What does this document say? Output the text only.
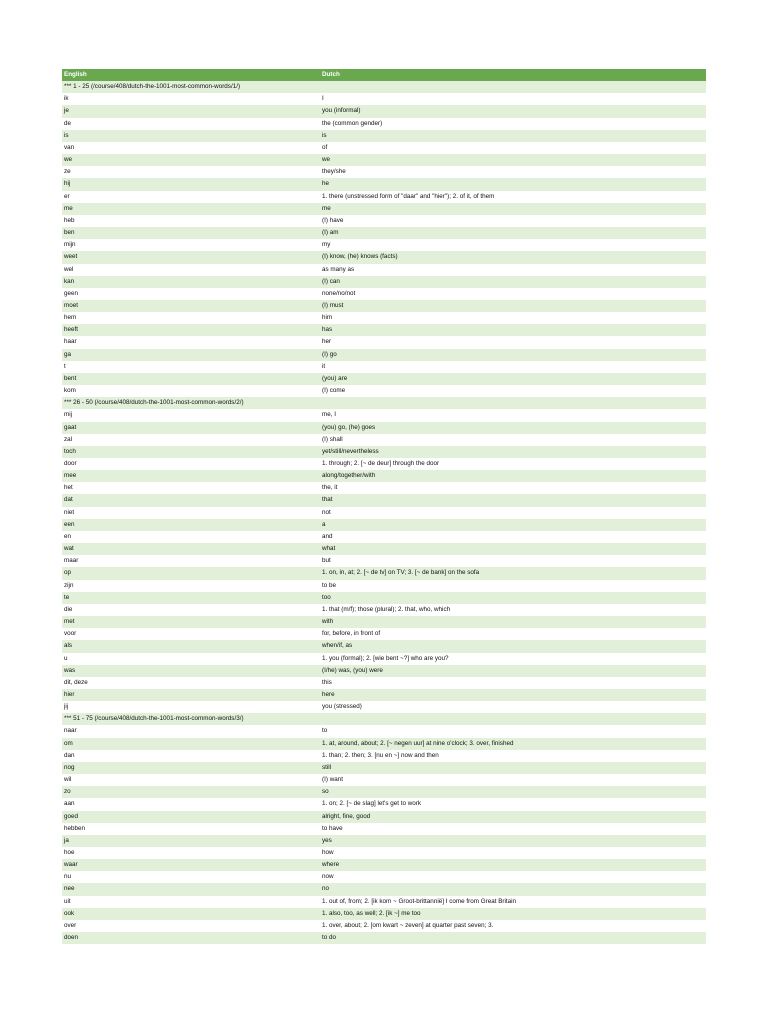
English	Dutch
*** 1 - 25 (/course/408/dutch-the-1001-most-common-words/1/)	
ik	I
je	you (informal)
de	the (common gender)
is	is
van	of
we	we
ze	they/she
hij	he
er	1. there (unstressed form of "daar" and "hier"); 2. of it, of them
me	me
heb	(I) have
ben	(I) am
mijn	my
weet	(I) know, (he) knows (facts)
wel	as many as
kan	(I) can
geen	none/no/not
moet	(I) must
hem	him
heeft	has
haar	her
ga	(I) go
t	it
bent	(you) are
kom	(I) come
*** 26 - 50 (/course/408/dutch-the-1001-most-common-words/2/)	
mij	me, I
gaat	(you) go, (he) goes
zal	(I) shall
toch	yet/still/nevertheless
door	1. through; 2. [~ de deur] through the door
mee	along/together/with
het	the, it
dat	that
niet	not
een	a
en	and
wat	what
maar	but
op	1. on, in, at; 2. [~ de tv] on TV; 3. [~ de bank] on the sofa
zijn	to be
te	too
die	1. that (m/f); those (plural); 2. that, who, which
met	with
voor	for, before, in front of
als	when/if, as
u	1. you (formal); 2. [wie bent ~?] who are you?
was	(I/he) was, (you) were
dit, deze	this
hier	here
jij	you (stressed)
*** 51 - 75 (/course/408/dutch-the-1001-most-common-words/3/)	
naar	to
om	1. at, around, about; 2. [~ negen uur] at nine o'clock; 3. over, finished
dan	1. than; 2. then; 3. [nu en ~] now and then
nog	still
wil	(I) want
zo	so
aan	1. on; 2. [~ de slag] let's get to work
goed	alright, fine, good
hebben	to have
ja	yes
hoe	how
waar	where
nu	now
nee	no
uit	1. out of, from; 2. [ik kom ~ Groot-brittannië] I come from Great Britain
ook	1. also, too, as well; 2. [ik ~] me too
over	1. over, about; 2. [om kwart ~ zeven] at quarter past seven; 3.
doen	to do
